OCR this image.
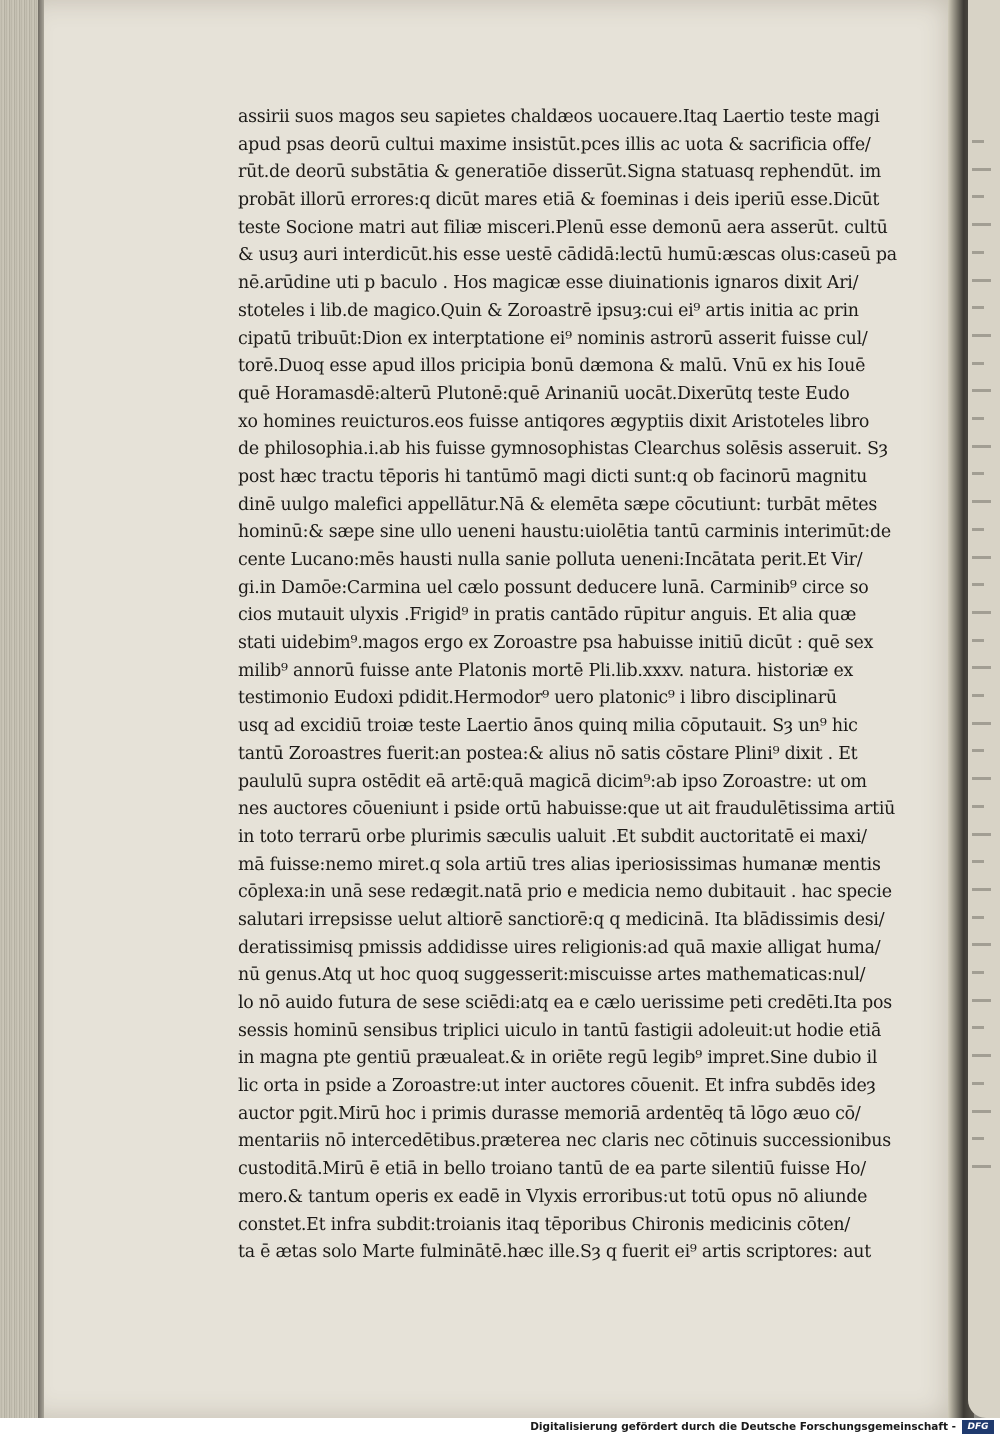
assirii suos magos seu sapietes chaldæos uocauere.Itaq Laertio teste magi
apud psas deorū cultui maxime insistūt.pces illis ac uota & sacrificia offe/
rūt.de deorū substātia & generatiōe disserūt.Signa statuasq rephendūt. im
probāt illorū errores:q dicūt mares etiā & foeminas i deis iperiū esse.Dicūt
teste Socione matri aut filiæ misceri.Plenū esse demonū aera asserūt. cultū
& usuȝ auri interdicūt.his esse uestē cādidā:lectū humū:æscas olus:caseū pa
nē.arūdine uti p baculo . Hos magicæ esse diuinationis ignaros dixit Ari/
stoteles i lib.de magico.Quin & Zoroastrē ipsuȝ:cui ei⁹ artis initia ac prin
cipatū tribuūt:Dion ex interptatione ei⁹ nominis astrorū asserit fuisse cul/
torē.Duoq esse apud illos pricipia bonū dæmona & malū. Vnū ex his Iouē
quē Horamasdē:alterū Plutonē:quē Arinaniū uocāt.Dixerūtq teste Eudo
xo homines reuicturos.eos fuisse antiqores ægyptiis dixit Aristoteles libro
de philosophia.i.ab his fuisse gymnosophistas Clearchus solēsis asseruit. Sȝ
post hæc tractu tēporis hi tantūmō magi dicti sunt:q ob facinorū magnitu
dinē uulgo malefici appellātur.Nā & elemēta sæpe cōcutiunt: turbāt mētes
hominū:& sæpe sine ullo ueneni haustu:uiolētia tantū carminis interimūt:de
cente Lucano:mēs hausti nulla sanie polluta ueneni:Incātata perit.Et Vir/
gi.in Damōe:Carmina uel cælo possunt deducere lunā. Carminib⁹ circe so
cios mutauit ulyxis .Frigid⁹ in pratis cantādo rūpitur anguis. Et alia quæ
stati uidebim⁹.magos ergo ex Zoroastre psa habuisse initiū dicūt : quē sex
milib⁹ annorū fuisse ante Platonis mortē Pli.lib.xxxv. natura. historiæ ex
testimonio Eudoxi pdidit.Hermodor⁹ uero platonic⁹ i libro disciplinarū
usq ad excidiū troiæ teste Laertio ānos quinq milia cōputauit. Sȝ un⁹ hic
tantū Zoroastres fuerit:an postea:& alius nō satis cōstare Plini⁹ dixit . Et
paululū supra ostēdit eā artē:quā magicā dicim⁹:ab ipso Zoroastre: ut om
nes auctores cōueniunt i pside ortū habuisse:que ut ait fraudulētissima artiū
in toto terrarū orbe plurimis sæculis ualuit .Et subdit auctoritatē ei maxi/
mā fuisse:nemo miret.q sola artiū tres alias iperiosissimas humanæ mentis
cōplexa:in unā sese redægit.natā prio e medicia nemo dubitauit . hac specie
salutari irrepsisse uelut altiorē sanctiorē:q q medicinā. Ita blādissimis desi/
deratissimisq pmissis addidisse uires religionis:ad quā maxie alligat huma/
nū genus.Atq ut hoc quoq suggesserit:miscuisse artes mathematicas:nul/
lo nō auido futura de sese sciēdi:atq ea e cælo uerissime peti credēti.Ita pos
sessis hominū sensibus triplici uiculo in tantū fastigii adoleuit:ut hodie etiā
in magna pte gentiū præualeat.& in oriēte regū legib⁹ impret.Sine dubio il
lic orta in pside a Zoroastre:ut inter auctores cōuenit. Et infra subdēs ideȝ
auctor pgit.Mirū hoc i primis durasse memoriā ardentēq tā lōgo æuo cō/
mentariis nō intercedētibus.præterea nec claris nec cōtinuis successionibus
custoditā.Mirū ē etiā in bello troiano tantū de ea parte silentiū fuisse Ho/
mero.& tantum operis ex eadē in Vlyxis erroribus:ut totū opus nō aliunde
constet.Et infra subdit:troianis itaq tēporibus Chironis medicinis cōten/
ta ē ætas solo Marte fulminātē.hæc ille.Sȝ q fuerit ei⁹ artis scriptores: aut
Digitalisierung gefördert durch die Deutsche Forschungsgemeinschaft -	DFG
